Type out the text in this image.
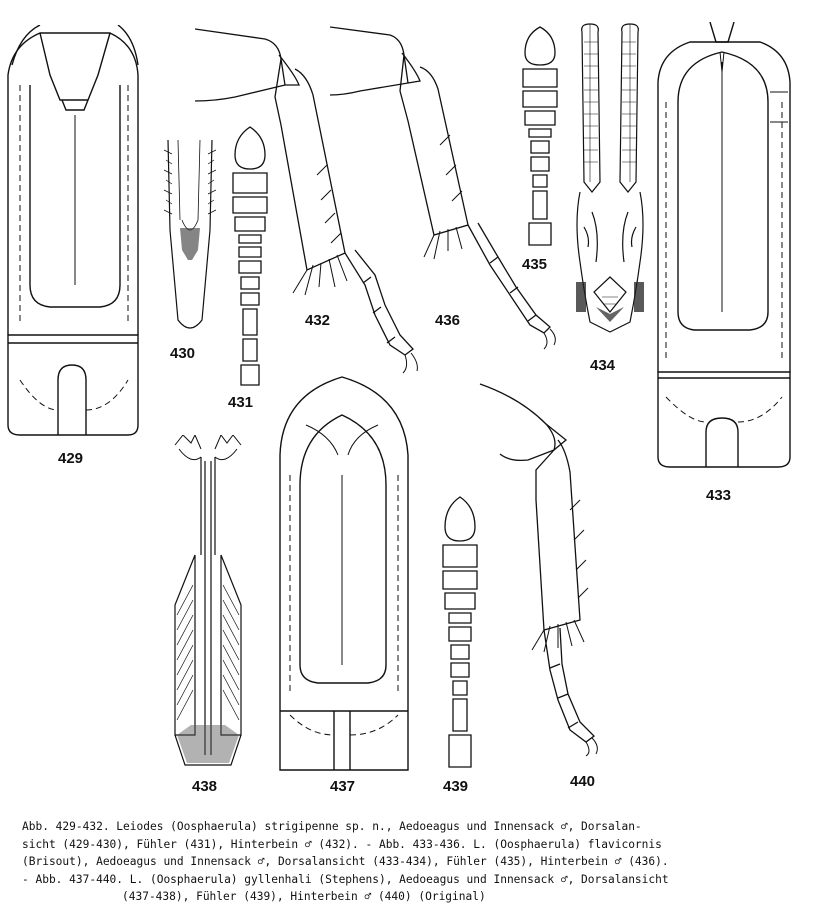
429
430
431
432	436
435
434
433
438	437	439	440

Abb. 429-432. Leiodes (Oosphaerula) strigipenne sp. n., Aedoeagus und Innensack ♂, Dorsalan-

sicht (429-430), Fühler (431), Hinterbein ♂ (432). - Abb. 433-436. L. (Oosphaerula) flavicornis

(Brisout), Aedoeagus und Innensack ♂, Dorsalansicht (433-434), Fühler (435), Hinterbein ♂ (436).

- Abb. 437-440. L. (Oosphaerula) gyllenhali (Stephens), Aedoeagus und Innensack ♂, Dorsalansicht

(437-438), Fühler (439), Hinterbein ♂ (440) (Original)
